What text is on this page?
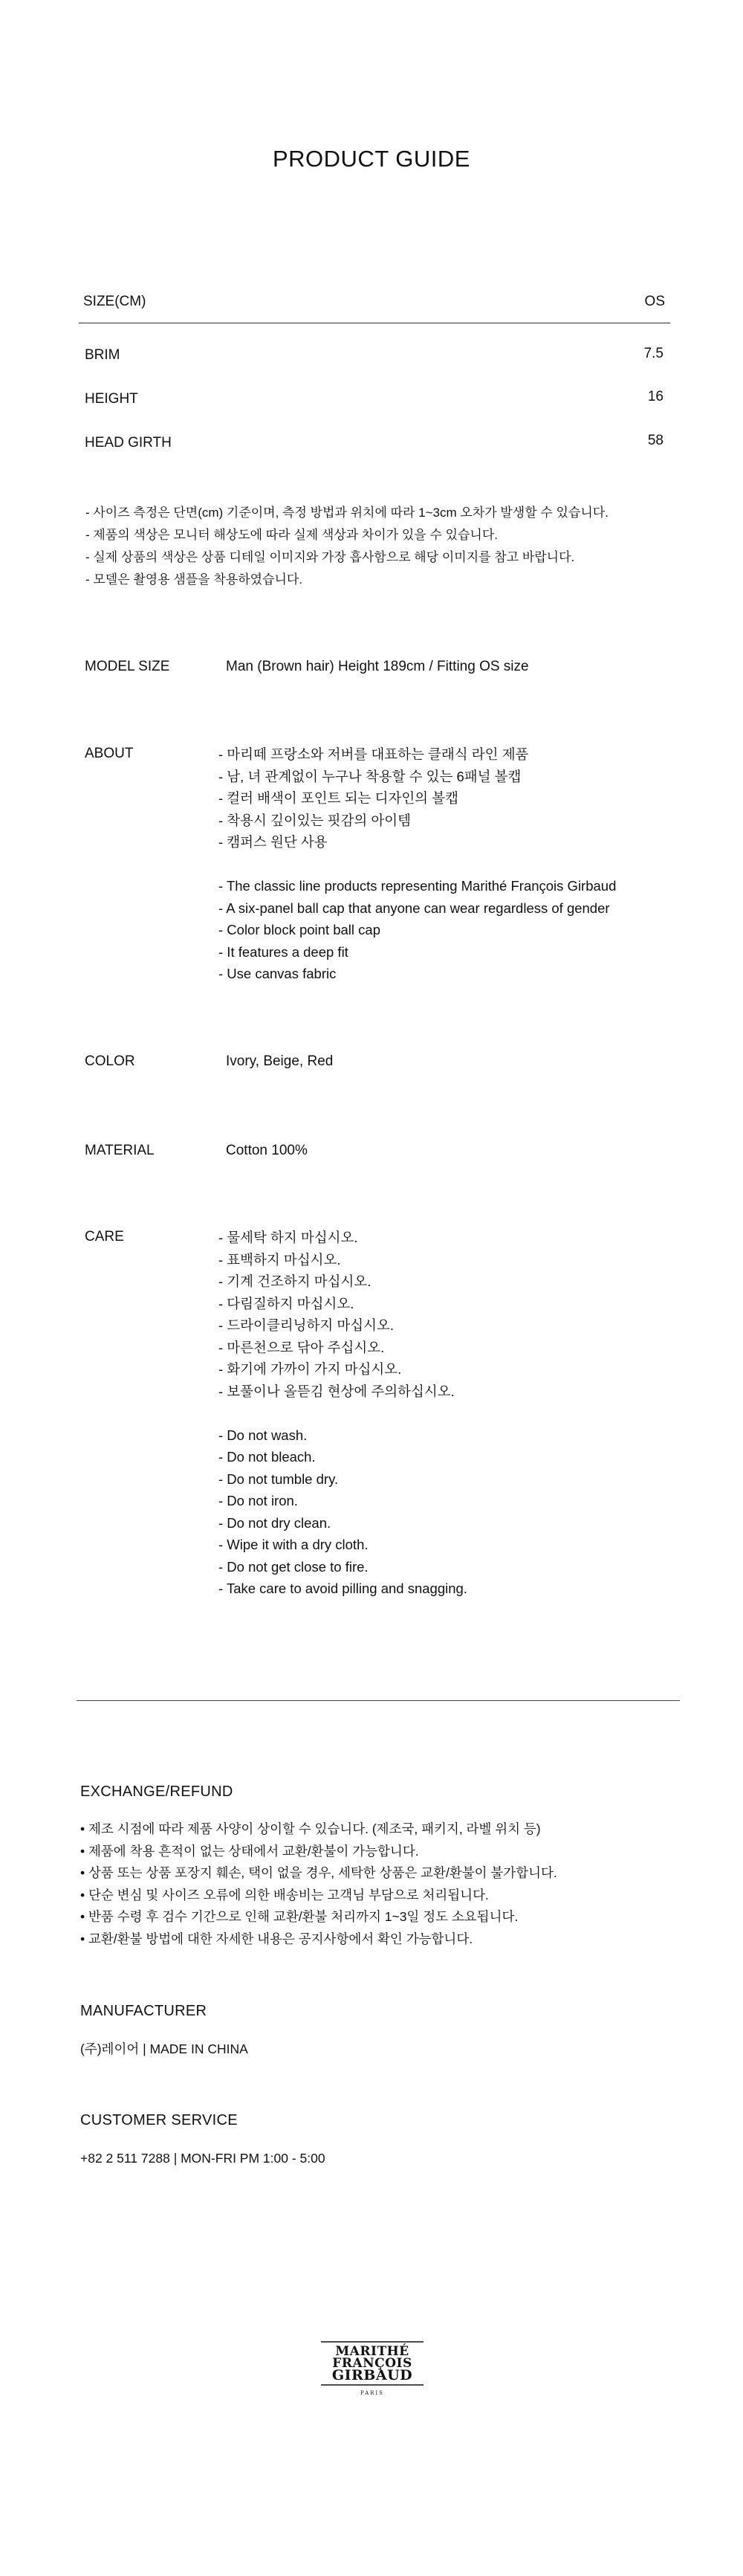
PRODUCT GUIDE
SIZE(CM)	OS
BRIM	7.5
HEIGHT	16
HEAD GIRTH	58
- 사이즈 측정은 단면(cm) 기준이며, 측정 방법과 위치에 따라 1~3cm 오차가 발생할 수 있습니다.
- 제품의 색상은 모니터 해상도에 따라 실제 색상과 차이가 있을 수 있습니다.
- 실제 상품의 색상은 상품 디테일 이미지와 가장 흡사함으로 해당 이미지를 참고 바랍니다.
- 모델은 촬영용 샘플을 착용하였습니다.
MODEL SIZE	Man (Brown hair) Height 189cm / Fitting OS size
ABOUT	- 마리떼 프랑소와 저버를 대표하는 클래식 라인 제품
- 남, 녀 관계없이 누구나 착용할 수 있는 6패널 볼캡
- 컬러 배색이 포인트 되는 디자인의 볼캡
- 착용시 깊이있는 핏감의 아이템
- 캠퍼스 원단 사용
- The classic line products representing Marithé François Girbaud
- A six-panel ball cap that anyone can wear regardless of gender
- Color block point ball cap
- It features a deep fit
- Use canvas fabric
COLOR	Ivory, Beige, Red
MATERIAL	Cotton 100%
CARE	- 물세탁 하지 마십시오.
- 표백하지 마십시오.
- 기계 건조하지 마십시오.
- 다림질하지 마십시오.
- 드라이클리닝하지 마십시오.
- 마른천으로 닦아 주십시오.
- 화기에 가까이 가지 마십시오.
- 보풀이나 올뜯김 현상에 주의하십시오.
- Do not wash.
- Do not bleach.
- Do not tumble dry.
- Do not iron.
- Do not dry clean.
- Wipe it with a dry cloth.
- Do not get close to fire.
- Take care to avoid pilling and snagging.
EXCHANGE/REFUND
• 제조 시점에 따라 제품 사양이 상이할 수 있습니다. (제조국, 패키지, 라벨 위치 등)
• 제품에 착용 흔적이 없는 상태에서 교환/환불이 가능합니다.
• 상품 또는 상품 포장지 훼손, 택이 없을 경우, 세탁한 상품은 교환/환불이 불가합니다.
• 단순 변심 및 사이즈 오류에 의한 배송비는 고객님 부담으로 처리됩니다.
• 반품 수령 후 검수 기간으로 인해 교환/환불 처리까지 1~3일 정도 소요됩니다.
• 교환/환불 방법에 대한 자세한 내용은 공지사항에서 확인 가능합니다.
MANUFACTURER
(주)레이어 | MADE IN CHINA
CUSTOMER SERVICE
+82 2 511 7288 | MON-FRI PM 1:00 - 5:00
MARITHÉ
FRANÇOIS
GIRBAUD
PARIS
